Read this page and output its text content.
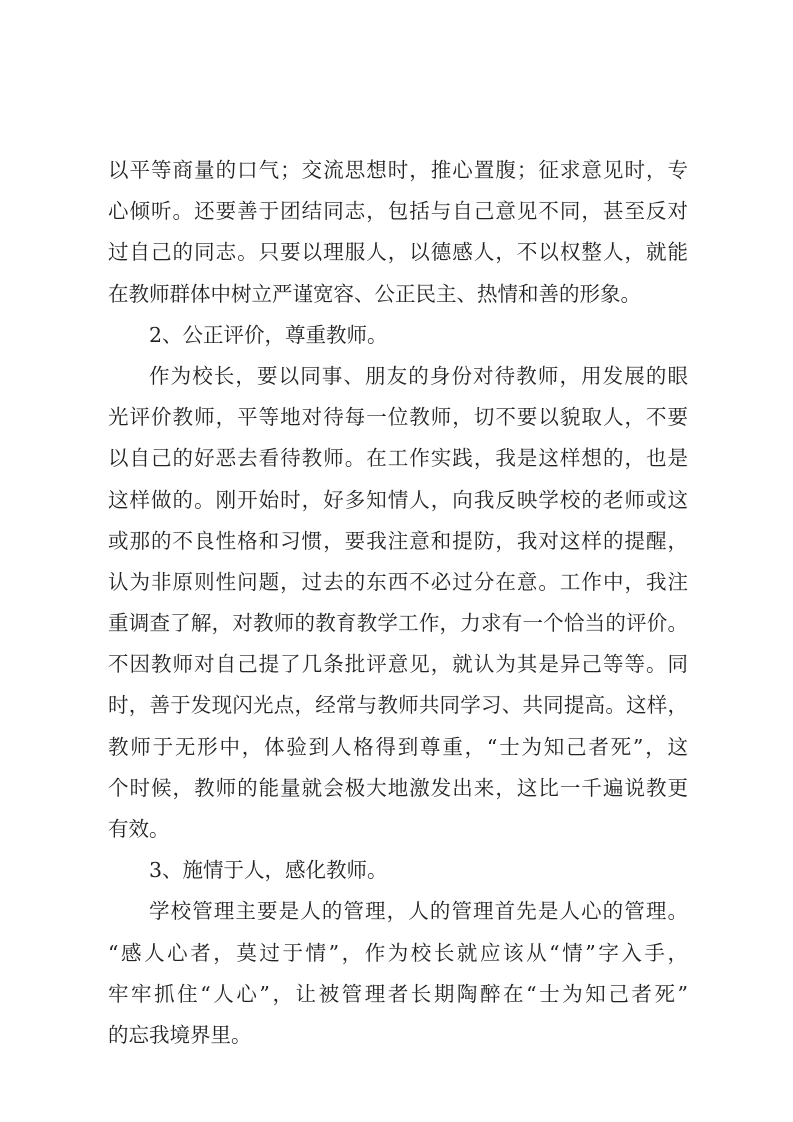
以平等商量的口气；交流思想时，推心置腹；征求意见时，专
心倾听。还要善于团结同志，包括与自己意见不同，甚至反对
过自己的同志。只要以理服人，以德感人，不以权整人，就能
在教师群体中树立严谨宽容、公正民主、热情和善的形象。
2、公正评价，尊重教师。
作为校长，要以同事、朋友的身份对待教师，用发展的眼
光评价教师，平等地对待每一位教师，切不要以貌取人，不要
以自己的好恶去看待教师。在工作实践，我是这样想的，也是
这样做的。刚开始时，好多知情人，向我反映学校的老师或这
或那的不良性格和习惯，要我注意和提防，我对这样的提醒，
认为非原则性问题，过去的东西不必过分在意。工作中，我注
重调查了解，对教师的教育教学工作，力求有一个恰当的评价。
不因教师对自己提了几条批评意见，就认为其是异己等等。同
时，善于发现闪光点，经常与教师共同学习、共同提高。这样，
教师于无形中，体验到人格得到尊重，“士为知己者死”，这
个时候，教师的能量就会极大地激发出来，这比一千遍说教更
有效。
3、施情于人，感化教师。
学校管理主要是人的管理，人的管理首先是人心的管理。
“感人心者，莫过于情”，作为校长就应该从“情”字入手，
牢牢抓住“人心”，让被管理者长期陶醉在“士为知己者死”
的忘我境界里。
